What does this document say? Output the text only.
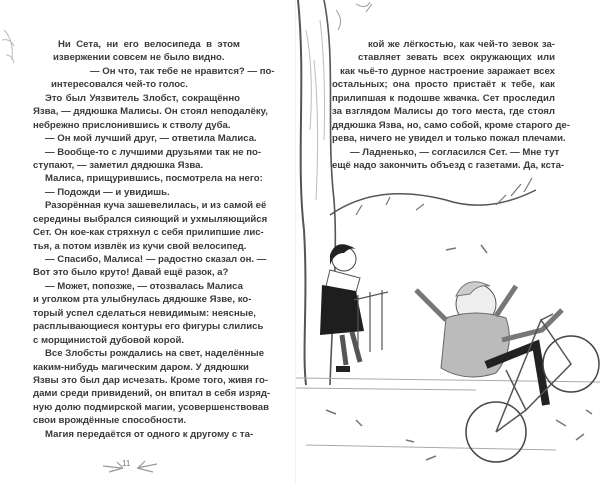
Ни Сета, ни его велосипеда в этом
извержении совсем не было видно.
— Он что, так тебе не нравится? — по-
интересовался чей-то голос.
Это был Уязвитель Злобст, сокращённо
Язва, — дядюшка Малисы. Он стоял неподалёку,
небрежно прислонившись к стволу дуба.
— Он мой лучший друг, — ответила Малиса.
— Вообще-то с лучшими друзьями так не по-
ступают, — заметил дядюшка Язва.
Малиса, прищурившись, посмотрела на него:
— Подожди — и увидишь.
Разорённая куча зашевелилась, и из самой её
середины выбрался сияющий и ухмыляющийся
Сет. Он кое-как стряхнул с себя прилипшие лис-
тья, а потом извлёк из кучи свой велосипед.
— Спасибо, Малиса! — радостно сказал он. —
Вот это было круто! Давай ещё разок, а?
— Может, попозже, — отозвалась Малиса
и уголком рта улыбнулась дядюшке Язве, ко-
торый успел сделаться невидимым: неясные,
расплывающиеся контуры его фигуры слились
с морщинистой дубовой корой.
Все Злобсты рождались на свет, наделённые
каким-нибудь магическим даром. У дядюшки
Язвы это был дар исчезать. Кроме того, живя го-
дами среди привидений, он впитал в себя изряд-
ную долю подмирской магии, усовершенствовав
свои врождённые способности.
Магия передаётся от одного к другому с та-
11
кой же лёгкостью, как чей-то зевок за-
ставляет зевать всех окружающих или
как чьё-то дурное настроение заражает всех
остальных; она просто пристаёт к тебе, как
прилипшая к подошве жвачка. Сет проследил
за взглядом Малисы до того места, где стоял
дядюшка Язва, но, само собой, кроме старого де-
рева, ничего не увидел и только пожал плечами.
— Ладненько, — согласился Сет. — Мне тут
ещё надо закончить объезд с газетами. Да, кста-
